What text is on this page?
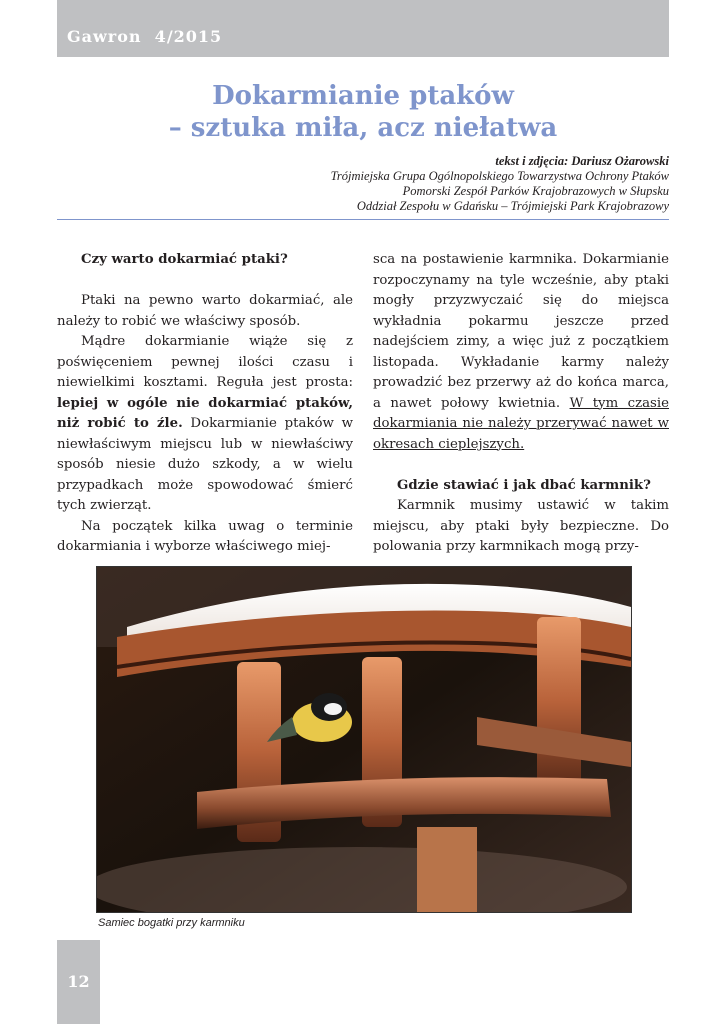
Gawron  4/2015
Dokarmianie ptaków
– sztuka miła, acz niełatwa
tekst i zdjęcia: Dariusz Ożarowski
Trójmiejska Grupa Ogólnopolskiego Towarzystwa Ochrony Ptaków
Pomorski Zespół Parków Krajobrazowych w Słupsku
Oddział Zespołu w Gdańsku – Trójmiejski Park Krajobrazowy
Czy warto dokarmiać ptaki?

Ptaki na pewno warto dokarmiać, ale należy to robić we właściwy sposób.

Mądre dokarmianie wiąże się z poświęceniem pewnej ilości czasu i niewielkimi kosztami. Reguła jest prosta: lepiej w ogóle nie dokarmiać ptaków, niż robić to źle. Dokarmianie ptaków w niewłaściwym miejscu lub w niewłaściwy sposób niesie dużo szkody, a w wielu przypadkach może spowodować śmierć tych zwierząt.

Na początek kilka uwag o terminie dokarmiania i wyborze właściwego miej-

sca na postawienie karmnika. Dokarmianie rozpoczynamy na tyle wcześnie, aby ptaki mogły przyzwyczaić się do miejsca wykładnia pokarmu jeszcze przed nadejściem zimy, a więc już z początkiem listopada. Wykładanie karmy należy prowadzić bez przerwy aż do końca marca, a nawet połowy kwietnia. W tym czasie dokarmiania nie należy przerywać nawet w okresach cieplejszych.

Gdzie stawiać i jak dbać karmnik?

Karmnik musimy ustawić w takim miejscu, aby ptaki były bezpieczne. Do polowania przy karmnikach mogą przy-

Samiec bogatki przy karmniku
12
